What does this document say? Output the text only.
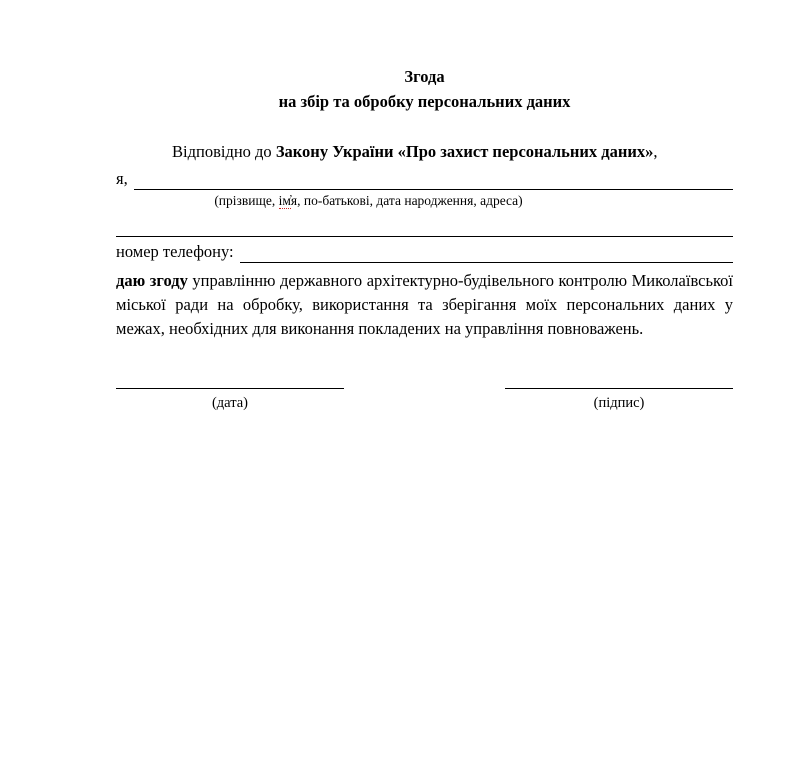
Згода
на збір та обробку персональних даних

Відповідно до Закону України «Про захист персональних даних»,

я,
(прізвище, ім̓я, по-батькові, дата народження, адреса)
номер телефону:

даю згоду управлінню державного архітектурно-будівельного контролю Миколаївської міської ради на обробку, використання та зберігання моїх персональних даних у межах, необхідних для виконання покладених на управління повноважень.

(дата)	(підпис)
